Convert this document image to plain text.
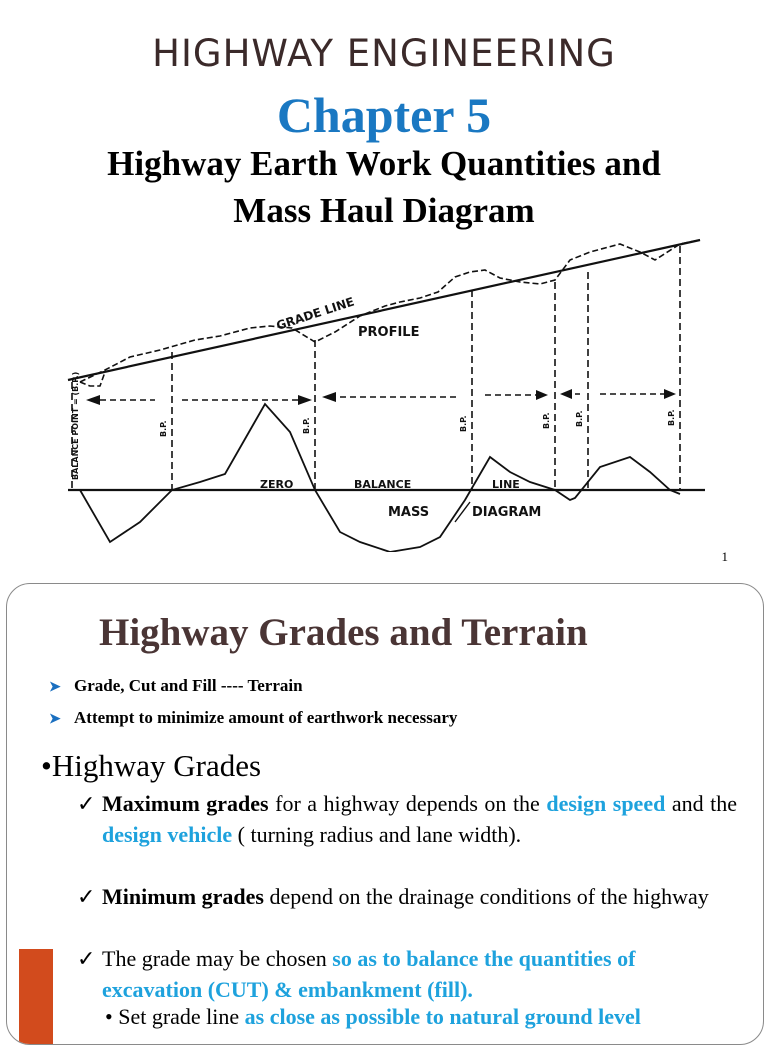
HIGHWAY ENGINEERING
Chapter 5
Highway Earth Work Quantities and
Mass Haul Diagram
GRADE LINE PROFILE
ZERO	BALANCE	LINE
MASS	DIAGRAM
BALANCE POINT = (B.P.)	B.P.	B.P.	B.P.	B.P.	B.P.	B.P.
1
Highway Grades and Terrain
➤ Grade, Cut and Fill ---- Terrain
➤ Attempt to minimize amount of earthwork necessary
•Highway Grades
✓ Maximum grades for a highway depends on the design speed and the design vehicle ( turning radius and lane width).
✓ Minimum grades depend on the drainage conditions of the highway
✓ The grade may be chosen so as to balance the quantities of excavation (CUT) & embankment (fill).
• Set grade line as close as possible to natural ground level
